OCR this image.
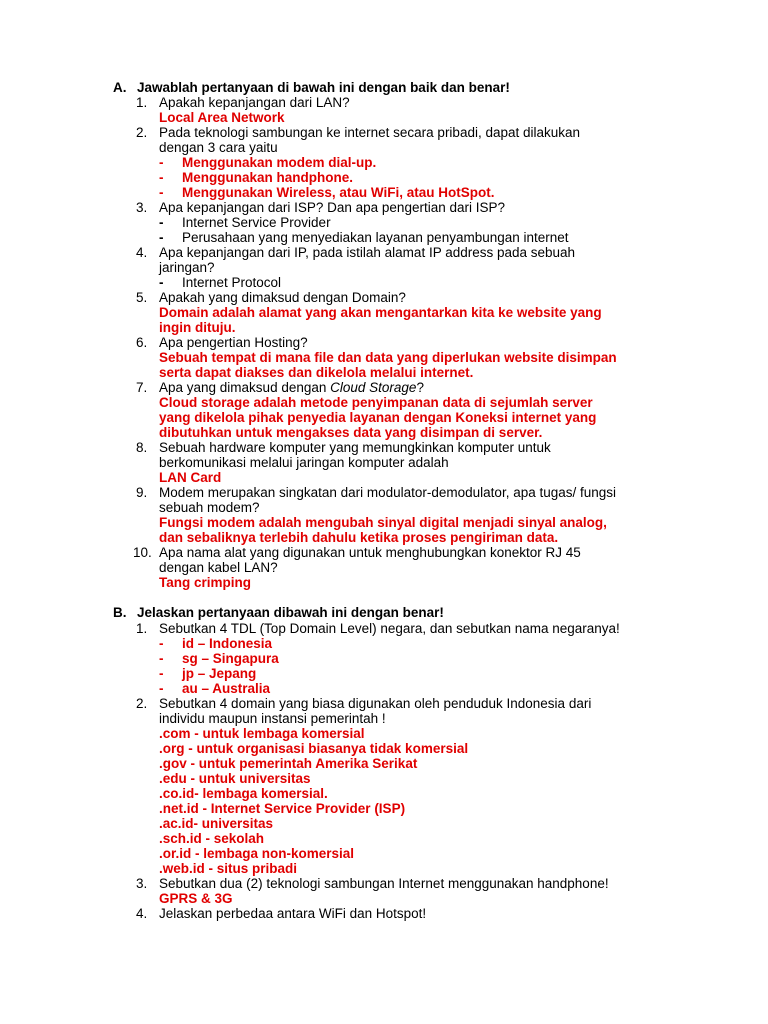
A. Jawablah pertanyaan di bawah ini dengan baik dan benar!
1. Apakah kepanjangan dari LAN?
Local Area Network
2. Pada teknologi sambungan ke internet secara pribadi, dapat dilakukan
dengan 3 cara yaitu
- Menggunakan modem dial-up.
- Menggunakan handphone.
- Menggunakan Wireless, atau WiFi, atau HotSpot.
3. Apa kepanjangan dari ISP? Dan apa pengertian dari ISP?
- Internet Service Provider
- Perusahaan yang menyediakan layanan penyambungan internet
4. Apa kepanjangan dari IP, pada istilah alamat IP address pada sebuah
jaringan?
- Internet Protocol
5. Apakah yang dimaksud dengan Domain?
Domain adalah alamat yang akan mengantarkan kita ke website yang
ingin dituju.
6. Apa pengertian Hosting?
Sebuah tempat di mana file dan data yang diperlukan website disimpan
serta dapat diakses dan dikelola melalui internet.
7. Apa yang dimaksud dengan Cloud Storage?
Cloud storage adalah metode penyimpanan data di sejumlah server
yang dikelola pihak penyedia layanan dengan Koneksi internet yang
dibutuhkan untuk mengakses data yang disimpan di server.
8. Sebuah hardware komputer yang memungkinkan komputer untuk
berkomunikasi melalui jaringan komputer adalah
LAN Card
9. Modem merupakan singkatan dari modulator-demodulator, apa tugas/ fungsi
sebuah modem?
Fungsi modem adalah mengubah sinyal digital menjadi sinyal analog,
dan sebaliknya terlebih dahulu ketika proses pengiriman data.
10. Apa nama alat yang digunakan untuk menghubungkan konektor RJ 45
dengan kabel LAN?
Tang crimping
B. Jelaskan pertanyaan dibawah ini dengan benar!
1. Sebutkan 4 TDL (Top Domain Level) negara, dan sebutkan nama negaranya!
- id – Indonesia
- sg – Singapura
- jp – Jepang
- au – Australia
2. Sebutkan 4 domain yang biasa digunakan oleh penduduk Indonesia dari
individu maupun instansi pemerintah !
.com - untuk lembaga komersial
.org - untuk organisasi biasanya tidak komersial
.gov - untuk pemerintah Amerika Serikat
.edu - untuk universitas
.co.id- lembaga komersial.
.net.id - Internet Service Provider (ISP)
.ac.id- universitas
.sch.id - sekolah
.or.id - lembaga non-komersial
.web.id - situs pribadi
3. Sebutkan dua (2) teknologi sambungan Internet menggunakan handphone!
GPRS & 3G
4. Jelaskan perbedaa antara WiFi dan Hotspot!
